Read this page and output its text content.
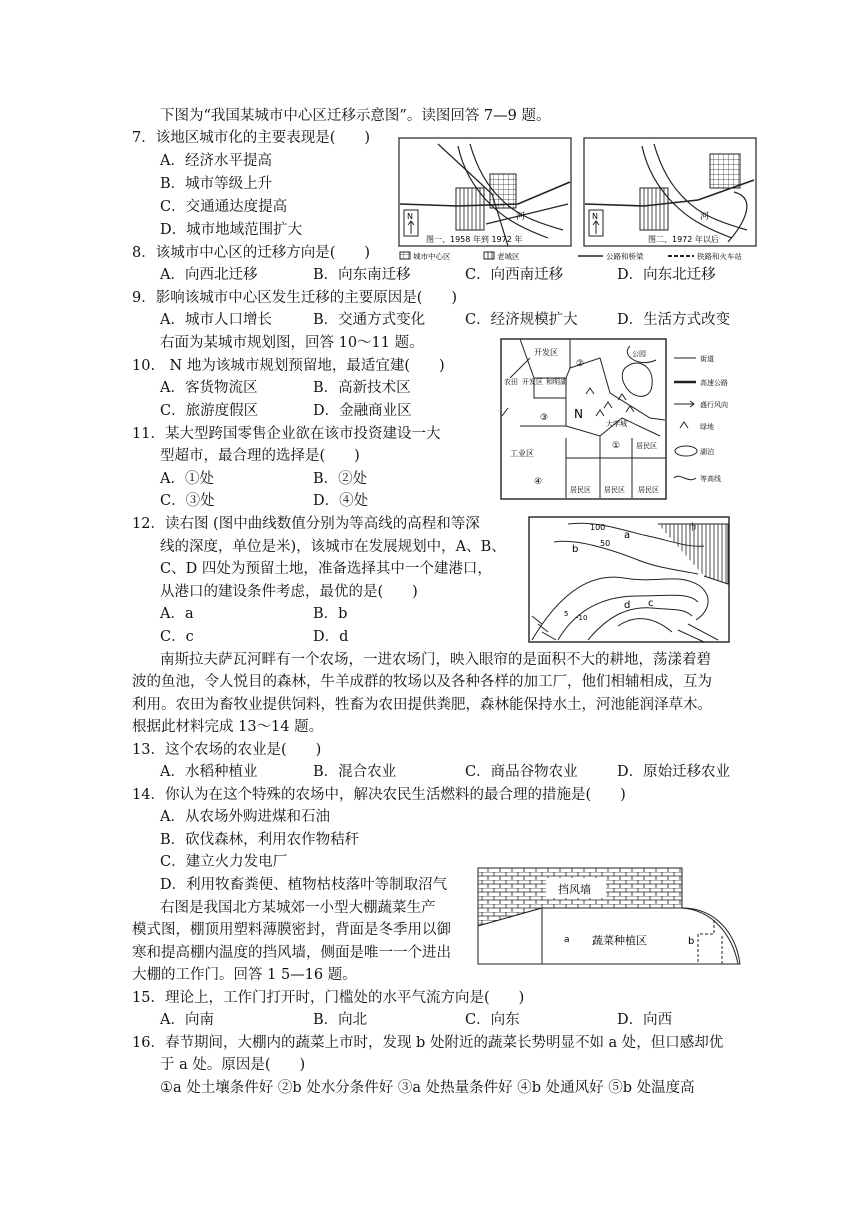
下图为“我国某城市中心区迁移示意图”。读图回答 7—9 题。
7．该地区城市化的主要表现是(　　)
A．经济水平提高
B．城市等级上升
C．交通通达度提高
D．城市地域范围扩大
8．该城市中心区的迁移方向是(　　)
A．向西北迁移	B．向东南迁移	C．向西南迁移	D．向东北迁移
9．影响该城市中心区发生迁移的主要原因是(　　)
A．城市人口增长	B．交通方式变化	C．经济规模扩大	D．生活方式改变
右面为某城市规划图，回答 10～11 题。
10.　N 地为该城市规划预留地，最适宜建(　　)
A．客货物流区	B．高新技术区
C．旅游度假区	D．金融商业区
11．某大型跨国零售企业欲在该市投资建设一大
型超市，最合理的选择是(　　)
A．①处	B．②处
C．③处	D．④处
12．读右图 (图中曲线数值分别为等高线的高程和等深
线的深度，单位是米)，该城市在发展规划中，A、B、
C、D 四处为预留土地，准备选择其中一个建港口，
从港口的建设条件考虑，最优的是(　　)
A．a	B．b
C．c	D．d
南斯拉夫萨瓦河畔有一个农场，一进农场门，映入眼帘的是面积不大的耕地，荡漾着碧
波的鱼池，令人悦目的森林，牛羊成群的牧场以及各种各样的加工厂，他们相辅相成，互为
利用。农田为畜牧业提供饲料，牲畜为农田提供粪肥，森林能保持水土，河池能润泽草木。
根据此材料完成 13～14 题。
13．这个农场的农业是(　　)
A．水稻种植业	B．混合农业	C．商品谷物农业	D．原始迁移农业
14．你认为在这个特殊的农场中，解决农民生活燃料的最合理的措施是(　　)
A．从农场外购进煤和石油
B．砍伐森林，利用农作物秸秆
C．建立火力发电厂
D．利用牧畜粪便、植物枯枝落叶等制取沼气
右图是我国北方某城郊一小型大棚蔬菜生产
模式图，棚顶用塑料薄膜密封，背面是冬季用以御
寒和提高棚内温度的挡风墙，侧面是唯一一个进出
大棚的工作门。回答 1 5—16 题。
15．理论上，工作门打开时，门槛处的水平气流方向是(　　)
A．向南	B．向北	C．向东	D．向西
16．春节期间，大棚内的蔬菜上市时，发现 b 处附近的蔬菜长势明显不如 a 处，但口感却优
于 a 处。原因是(　　)
①a 处土壤条件好 ②b 处水分条件好 ③a 处热量条件好 ④b 处通风好 ⑤b 处温度高
河
N
图一、1958 年到 1972 年
河
N
图二、1972 年以后
城市中心区	老城区	公路和桥梁	铁路和火车站
开发区
农田 开发区 和明湖
公园
大学城
工业区
居民区
居民区 居民区 居民区
N
①
②
③
④
街道
高速公路
盛行风向
绿地
湖泊
等高线
100
50
市
a
b
c
d
5 -10
挡风墙
a 蔬菜种植区	b
